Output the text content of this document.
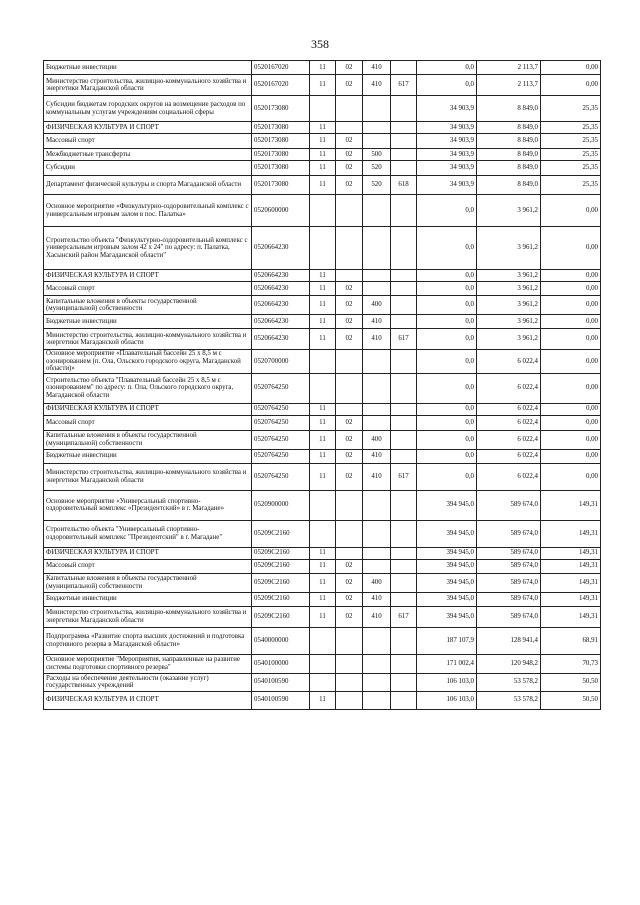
358
Бюджетные инвестиции	0520167020	11	02	410		0,0	2 113,7	0,00
Министерство строительства, жилищно-коммунального хозяйства и энергетики Магаданской области	0520167020	11	02	410	617	0,0	2 113,7	0,00
Субсидии бюджетам городских округов на возмещение расходов по коммунальным услугам учреждениям социальной сферы	0520173080					34 903,9	8 849,0	25,35
ФИЗИЧЕСКАЯ КУЛЬТУРА И СПОРТ	0520173080	11				34 903,9	8 849,0	25,35
Массовый спорт	0520173080	11	02			34 903,9	8 849,0	25,35
Межбюджетные трансферты	0520173080	11	02	500		34 903,9	8 849,0	25,35
Субсидии	0520173080	11	02	520		34 903,9	8 849,0	25,35
Департамент физической культуры и спорта Магаданской области	0520173080	11	02	520	618	34 903,9	8 849,0	25,35
Основное мероприятие «Физкультурно-оздоровительный комплекс с универсальным игровым залом в пос. Палатка»	0520600000					0,0	3 961,2	0,00
Строительство объекта "Физкультурно-оздоровительный комплекс с универсальным игровым залом 42 х 24" по адресу: п. Палатка, Хасынский район Магаданской области"	0520664230					0,0	3 961,2	0,00
ФИЗИЧЕСКАЯ КУЛЬТУРА И СПОРТ	0520664230	11				0,0	3 961,2	0,00
Массовый спорт	0520664230	11	02			0,0	3 961,2	0,00
Капитальные вложения в объекты государственной (муниципальной) собственности	0520664230	11	02	400		0,0	3 961,2	0,00
Бюджетные инвестиции	0520664230	11	02	410		0,0	3 961,2	0,00
Министерство строительства, жилищно-коммунального хозяйства и энергетики Магаданской области	0520664230	11	02	410	617	0,0	3 961,2	0,00
Основное мероприятие «Плавательный бассейн 25 х 8,5 м с озонированием (п. Ола, Ольского городского округа, Магаданской области)»	0520700000					0,0	6 022,4	0,00
Строительство объекта "Плавательный бассейн 25 х 8,5 м с озонированием" по адресу: п. Ола, Ольского городского округа, Магаданской области	0520764250					0,0	6 022,4	0,00
ФИЗИЧЕСКАЯ КУЛЬТУРА И СПОРТ	0520764250	11				0,0	6 022,4	0,00
Массовый спорт	0520764250	11	02			0,0	6 022,4	0,00
Капитальные вложения в объекты государственной (муниципальной) собственности	0520764250	11	02	400		0,0	6 022,4	0,00
Бюджетные инвестиции	0520764250	11	02	410		0,0	6 022,4	0,00
Министерство строительства, жилищно-коммунального хозяйства и энергетики Магаданской области	0520764250	11	02	410	617	0,0	6 022,4	0,00
Основное мероприятие «Универсальный спортивно-оздоровительный комплекс «Президентский» в г. Магадане»	0520900000					394 945,0	589 674,0	149,31
Строительство объекта "Универсальный спортивно-оздоровительный комплекс "Президентский" в г. Магадане"	05209С2160					394 945,0	589 674,0	149,31
ФИЗИЧЕСКАЯ КУЛЬТУРА И СПОРТ	05209С2160	11				394 945,0	589 674,0	149,31
Массовый спорт	05209С2160	11	02			394 945,0	589 674,0	149,31
Капитальные вложения в объекты государственной (муниципальной) собственности	05209С2160	11	02	400		394 945,0	589 674,0	149,31
Бюджетные инвестиции	05209С2160	11	02	410		394 945,0	589 674,0	149,31
Министерство строительства, жилищно-коммунального хозяйства и энергетики Магаданской области	05209С2160	11	02	410	617	394 945,0	589 674,0	149,31
Подпрограмма «Развитие спорта высших достижений и подготовка спортивного резерва в Магаданской области»	0540000000					187 107,9	128 941,4	68,91
Основное мероприятие "Мероприятия, направленные на развитие системы подготовки спортивного резерва"	0540100000					171 002,4	120 948,2	70,73
Расходы на обеспечение деятельности (оказание услуг) государственных учреждений	0540100590					106 103,0	53 578,2	50,50
ФИЗИЧЕСКАЯ КУЛЬТУРА И СПОРТ	0540100590	11				106 103,0	53 578,2	50,50
